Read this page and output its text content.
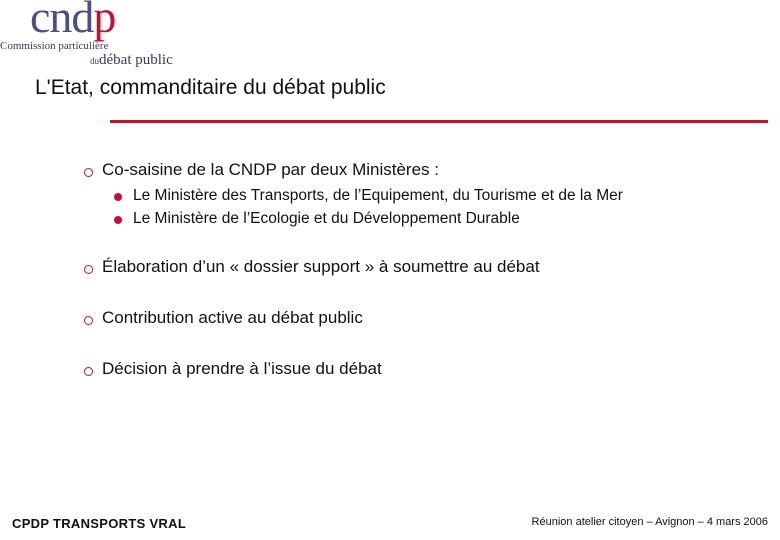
cndp
Commission particulière
dudébat public
L'Etat, commanditaire du débat public
Co-saisine de la CNDP par deux Ministères :
Le Ministère des Transports, de l’Equipement, du Tourisme et de la Mer
Le Ministère de l’Ecologie et du Développement Durable
Élaboration d’un « dossier support » à soumettre au débat
Contribution active au débat public
Décision à prendre à l’issue du débat
CPDP TRANSPORTS VRAL	Réunion atelier citoyen – Avignon – 4 mars 2006
